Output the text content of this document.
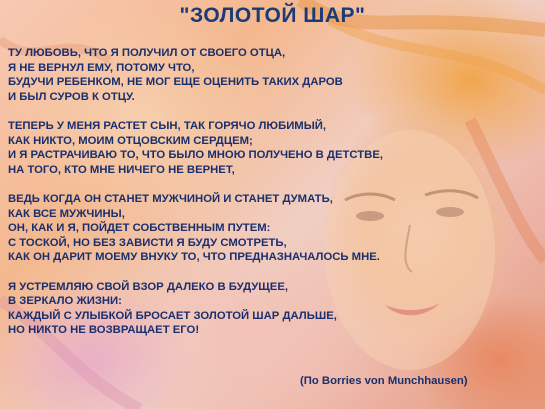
"ЗОЛОТОЙ ШАР"
ТУ ЛЮБОВЬ, ЧТО Я ПОЛУЧИЛ ОТ СВОЕГО ОТЦА,
Я НЕ ВЕРНУЛ ЕМУ, ПОТОМУ ЧТО,
БУДУЧИ РЕБЕНКОМ, НЕ МОГ ЕЩЕ ОЦЕНИТЬ ТАКИХ ДАРОВ
И БЫЛ СУРОВ К ОТЦУ.
ТЕПЕРЬ У МЕНЯ РАСТЕТ СЫН, ТАК ГОРЯЧО ЛЮБИМЫЙ,
КАК НИКТО, МОИМ ОТЦОВСКИМ СЕРДЦЕМ;
И Я РАСТРАЧИВАЮ ТО, ЧТО БЫЛО МНОЮ ПОЛУЧЕНО В ДЕТСТВЕ,
НА ТОГО, КТО МНЕ НИЧЕГО НЕ ВЕРНЕТ,
ВЕДЬ КОГДА ОН СТАНЕТ МУЖЧИНОЙ И СТАНЕТ ДУМАТЬ,
КАК ВСЕ МУЖЧИНЫ,
ОН, КАК И Я, ПОЙДЕТ СОБСТВЕННЫМ ПУТЕМ:
С ТОСКОЙ, НО БЕЗ ЗАВИСТИ Я БУДУ СМОТРЕТЬ,
КАК ОН ДАРИТ МОЕМУ ВНУКУ ТО, ЧТО ПРЕДНАЗНАЧАЛОСЬ МНЕ.
Я УСТРЕМЛЯЮ СВОЙ ВЗОР ДАЛЕКО В БУДУЩЕЕ,
В ЗЕРКАЛО ЖИЗНИ:
КАЖДЫЙ С УЛЫБКОЙ БРОСАЕТ ЗОЛОТОЙ ШАР ДАЛЬШЕ,
НО НИКТО НЕ ВОЗВРАЩАЕТ ЕГО!
(По Borries von Munchhausen)
